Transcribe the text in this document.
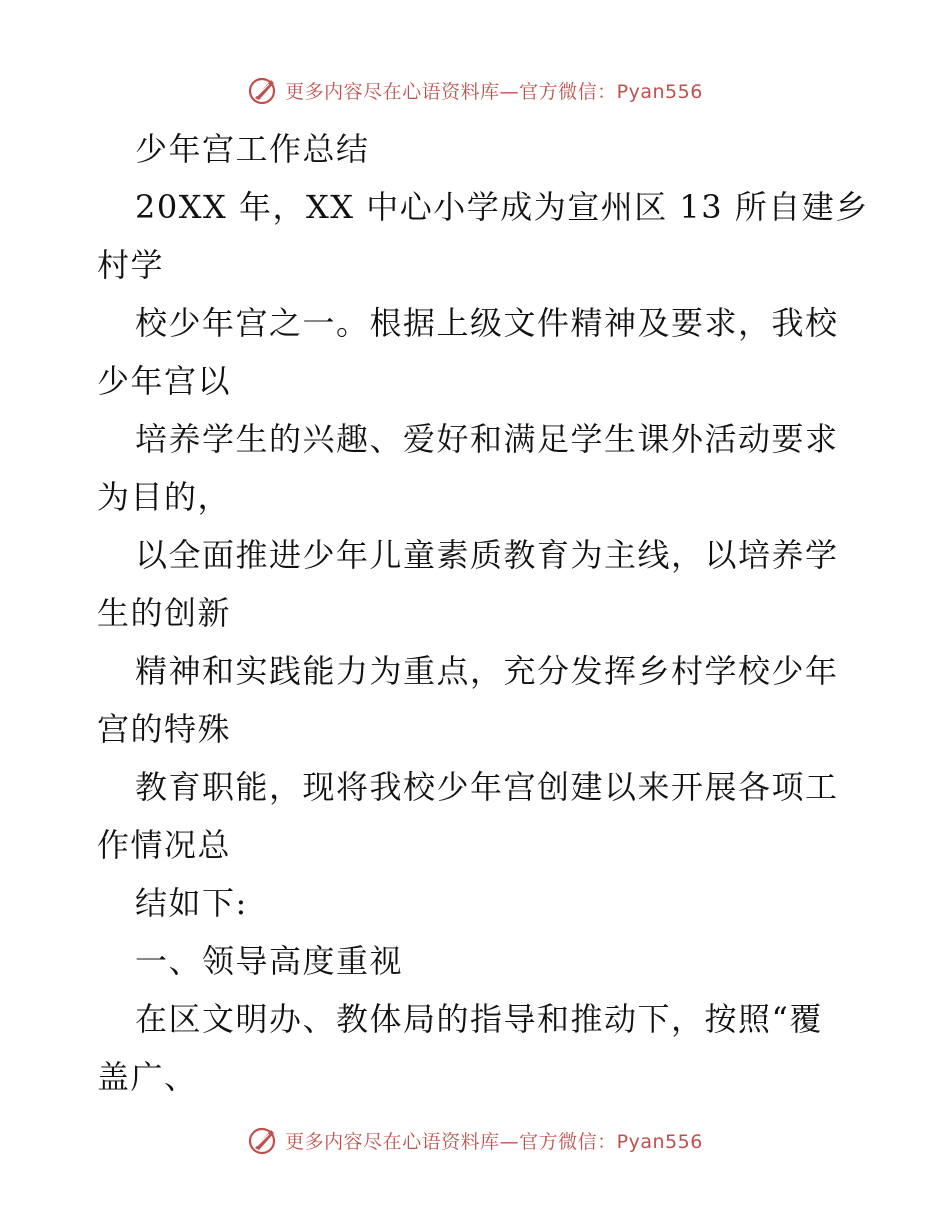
更多内容尽在心语资料库—官方微信：Pyan556
少年宫工作总结
20XX 年，XX 中心小学成为宣州区 13 所自建乡
村学
校少年宫之一。根据上级文件精神及要求，我校
少年宫以
培养学生的兴趣、爱好和满足学生课外活动要求
为目的，
以全面推进少年儿童素质教育为主线，以培养学
生的创新
精神和实践能力为重点，充分发挥乡村学校少年
宫的特殊
教育职能，现将我校少年宫创建以来开展各项工
作情况总
结如下:
一、领导高度重视
在区文明办、教体局的指导和推动下，按照“覆
盖广、
更多内容尽在心语资料库—官方微信：Pyan556
